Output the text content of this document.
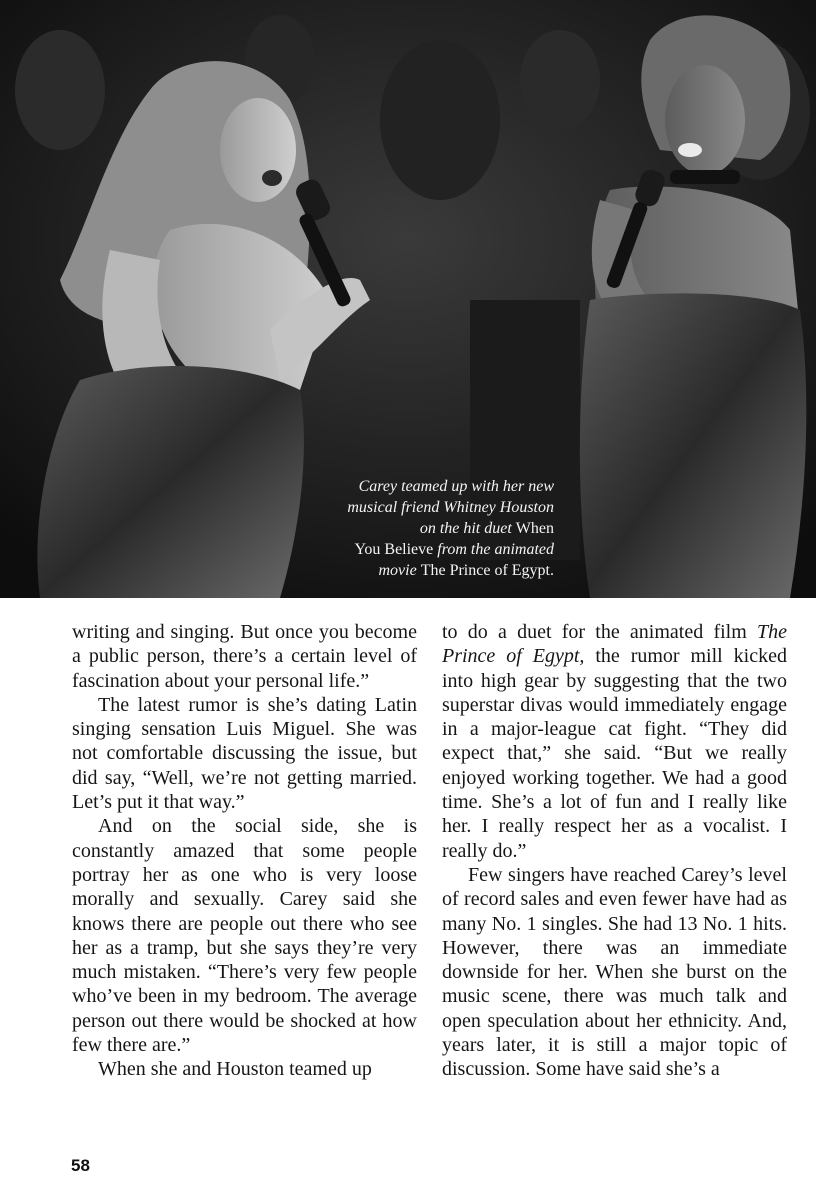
Carey teamed up with her new
musical friend Whitney Houston
on the hit duet When
You Believe from the animated
movie The Prince of Egypt.

writing and singing. But once you become a public person, there’s a certain level of fascination about your personal life.”

The latest rumor is she’s dating Latin singing sensation Luis Miguel. She was not comfortable discussing the issue, but did say, “Well, we’re not getting married. Let’s put it that way.”

And on the social side, she is constantly amazed that some people portray her as one who is very loose morally and sexually. Carey said she knows there are people out there who see her as a tramp, but she says they’re very much mistaken. “There’s very few people who’ve been in my bedroom. The average person out there would be shocked at how few there are.”

When she and Houston teamed up

to do a duet for the animated film The Prince of Egypt, the rumor mill kicked into high gear by suggesting that the two superstar divas would immediately engage in a major-league cat fight. “They did expect that,” she said. “But we really enjoyed working together. We had a good time. She’s a lot of fun and I really like her. I really respect her as a vocalist. I really do.”

Few singers have reached Carey’s level of record sales and even fewer have had as many No. 1 singles. She had 13 No. 1 hits. However, there was an immediate downside for her. When she burst on the music scene, there was much talk and open speculation about her ethnicity. And, years later, it is still a major topic of discussion. Some have said she’s a

58
